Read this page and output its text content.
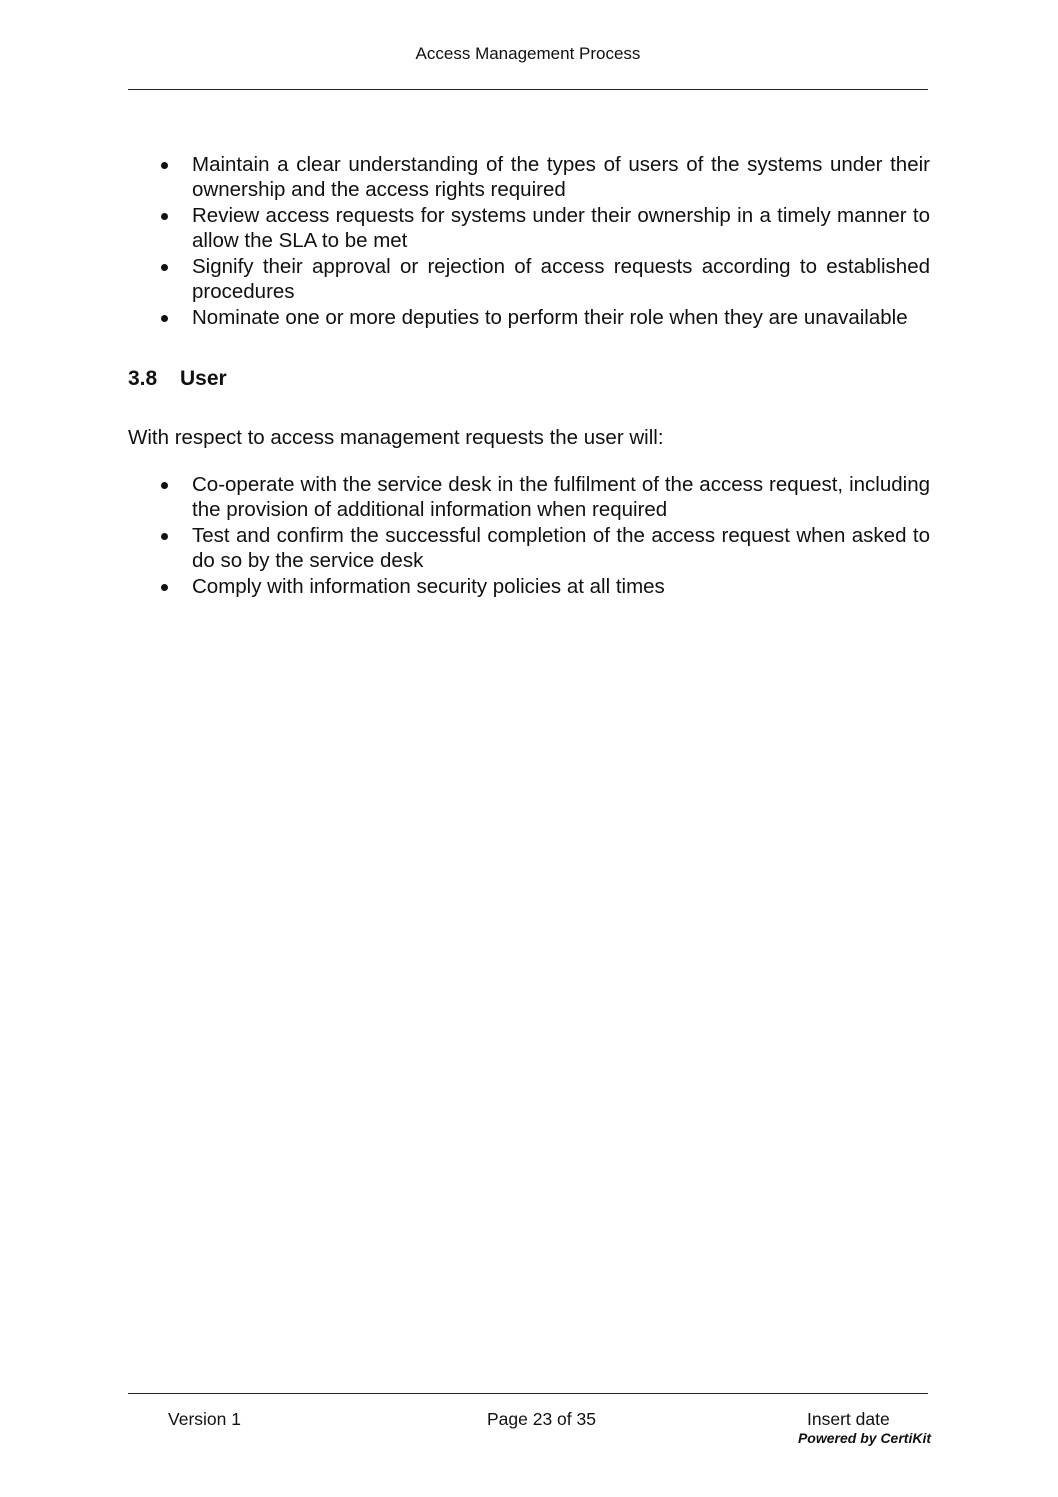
Access Management Process
Maintain a clear understanding of the types of users of the systems under their ownership and the access rights required
Review access requests for systems under their ownership in a timely manner to allow the SLA to be met
Signify their approval or rejection of access requests according to established procedures
Nominate one or more deputies to perform their role when they are unavailable
3.8 User

With respect to access management requests the user will:

Co-operate with the service desk in the fulfilment of the access request, including the provision of additional information when required
Test and confirm the successful completion of the access request when asked to do so by the service desk
Comply with information security policies at all times
Version 1	Page 23 of 35	Insert date
Powered by CertiKit
